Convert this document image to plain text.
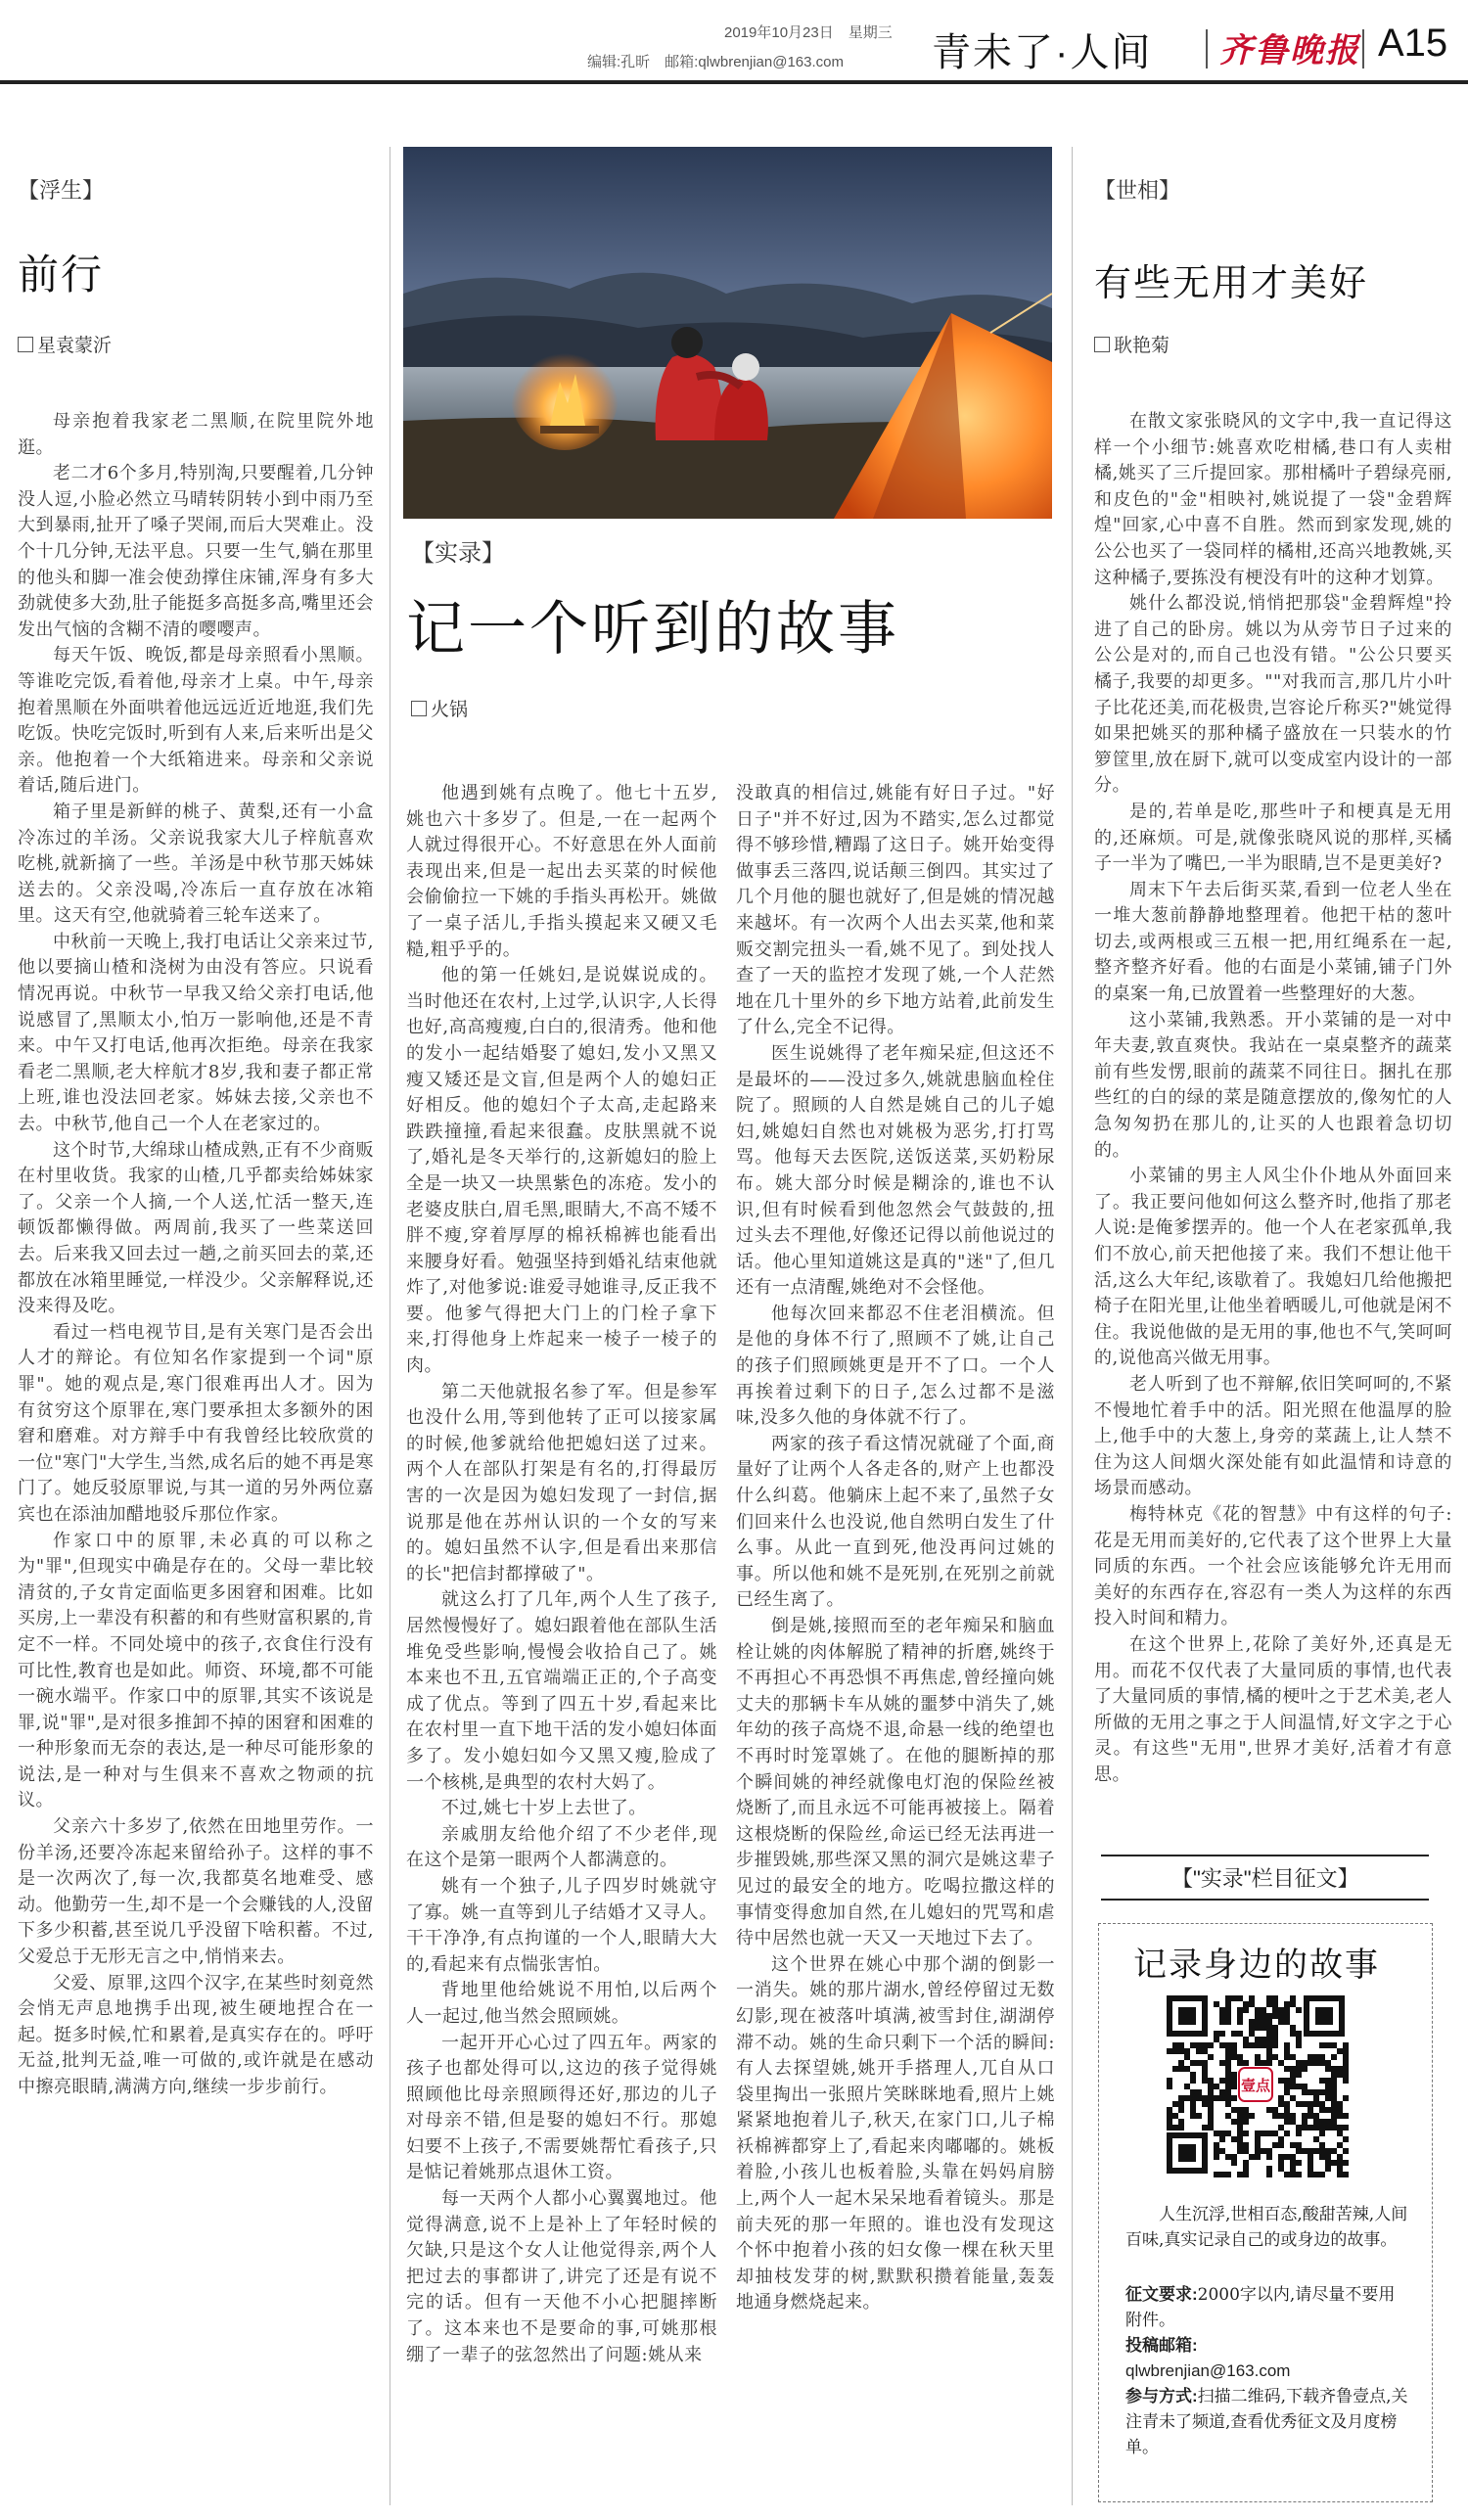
2019年10月23日　星期三
编辑:孔昕　邮箱:qlwbrenjian@163.com 青未了·人间 齐鲁晚报 A15
【浮生】
前行
星袁蒙沂

母亲抱着我家老二黑顺,在院里院外地逛。

老二才6个多月,特别淘,只要醒着,几分钟没人逗,小脸必然立马晴转阴转小到中雨乃至大到暴雨,扯开了嗓子哭闹,而后大哭难止。没个十几分钟,无法平息。只要一生气,躺在那里的他头和脚一准会使劲撑住床铺,浑身有多大劲就使多大劲,肚子能挺多高挺多高,嘴里还会发出气恼的含糊不清的嘤嘤声。

每天午饭、晚饭,都是母亲照看小黑顺。等谁吃完饭,看着他,母亲才上桌。中午,母亲抱着黑顺在外面哄着他远远近近地逛,我们先吃饭。快吃完饭时,听到有人来,后来听出是父亲。他抱着一个大纸箱进来。母亲和父亲说着话,随后进门。

箱子里是新鲜的桃子、黄梨,还有一小盒冷冻过的羊汤。父亲说我家大儿子梓航喜欢吃桃,就新摘了一些。羊汤是中秋节那天姊妹送去的。父亲没喝,冷冻后一直存放在冰箱里。这天有空,他就骑着三轮车送来了。

中秋前一天晚上,我打电话让父亲来过节,他以要摘山楂和浇树为由没有答应。只说看情况再说。中秋节一早我又给父亲打电话,他说感冒了,黑顺太小,怕万一影响他,还是不青来。中午又打电话,他再次拒绝。母亲在我家看老二黑顺,老大梓航才8岁,我和妻子都正常上班,谁也没法回老家。姊妹去接,父亲也不去。中秋节,他自己一个人在老家过的。

这个时节,大绵球山楂成熟,正有不少商贩在村里收货。我家的山楂,几乎都卖给姊妹家了。父亲一个人摘,一个人送,忙活一整天,连顿饭都懒得做。两周前,我买了一些菜送回去。后来我又回去过一趟,之前买回去的菜,还都放在冰箱里睡觉,一样没少。父亲解释说,还没来得及吃。

看过一档电视节目,是有关寒门是否会出人才的辩论。有位知名作家提到一个词"原罪"。她的观点是,寒门很难再出人才。因为有贫穷这个原罪在,寒门要承担太多额外的困窘和磨难。对方辩手中有我曾经比较欣赏的一位"寒门"大学生,当然,成名后的她不再是寒门了。她反驳原罪说,与其一道的另外两位嘉宾也在添油加醋地驳斥那位作家。

作家口中的原罪,未必真的可以称之为"罪",但现实中确是存在的。父母一辈比较清贫的,子女肯定面临更多困窘和困难。比如买房,上一辈没有积蓄的和有些财富积累的,肯定不一样。不同处境中的孩子,衣食住行没有可比性,教育也是如此。师资、环境,都不可能一碗水端平。作家口中的原罪,其实不该说是罪,说"罪",是对很多推卸不掉的困窘和困难的一种形象而无奈的表达,是一种尽可能形象的说法,是一种对与生俱来不喜欢之物顽的抗议。

父亲六十多岁了,依然在田地里劳作。一份羊汤,还要冷冻起来留给孙子。这样的事不是一次两次了,每一次,我都莫名地难受、感动。他勤劳一生,却不是一个会赚钱的人,没留下多少积蓄,甚至说几乎没留下啥积蓄。不过,父爱总于无形无言之中,悄悄来去。

父爱、原罪,这四个汉字,在某些时刻竟然会悄无声息地携手出现,被生硬地捏合在一起。挺多时候,忙和累着,是真实存在的。呼吁无益,批判无益,唯一可做的,或许就是在感动中擦亮眼睛,满满方向,继续一步步前行。

【实录】
记一个听到的故事
火锅

他遇到姚有点晚了。他七十五岁,姚也六十多岁了。但是,一在一起两个人就过得很开心。不好意思在外人面前表现出来,但是一起出去买菜的时候他会偷偷拉一下姚的手指头再松开。姚做了一桌子活儿,手指头摸起来又硬又毛糙,粗乎乎的。

他的第一任姚妇,是说媒说成的。当时他还在农村,上过学,认识字,人长得也好,高高瘦瘦,白白的,很清秀。他和他的发小一起结婚娶了媳妇,发小又黑又瘦又矮还是文盲,但是两个人的媳妇正好相反。他的媳妇个子太高,走起路来跌跌撞撞,看起来很蠢。皮肤黑就不说了,婚礼是冬天举行的,这新媳妇的脸上全是一块又一块黑紫色的冻疮。发小的老婆皮肤白,眉毛黑,眼睛大,不高不矮不胖不瘦,穿着厚厚的棉袄棉裤也能看出来腰身好看。勉强坚持到婚礼结束他就炸了,对他爹说:谁爱寻她谁寻,反正我不要。他爹气得把大门上的门栓子拿下来,打得他身上炸起来一棱子一棱子的肉。

第二天他就报名参了军。但是参军也没什么用,等到他转了正可以接家属的时候,他爹就给他把媳妇送了过来。两个人在部队打架是有名的,打得最厉害的一次是因为媳妇发现了一封信,据说那是他在苏州认识的一个女的写来的。媳妇虽然不认字,但是看出来那信的长"把信封都撑破了"。

就这么打了几年,两个人生了孩子,居然慢慢好了。媳妇跟着他在部队生活堆免受些影响,慢慢会收拾自己了。姚本来也不丑,五官端端正正的,个子高变成了优点。等到了四五十岁,看起来比在农村里一直下地干活的发小媳妇体面多了。发小媳妇如今又黑又瘦,脸成了一个核桃,是典型的农村大妈了。

不过,姚七十岁上去世了。

亲戚朋友给他介绍了不少老伴,现在这个是第一眼两个人都满意的。

姚有一个独子,儿子四岁时姚就守了寡。姚一直等到儿子结婚才又寻人。干干净净,有点拘谨的一个人,眼睛大大的,看起来有点惴张害怕。

背地里他给姚说不用怕,以后两个人一起过,他当然会照顾姚。

一起开开心心过了四五年。两家的孩子也都处得可以,这边的孩子觉得姚照顾他比母亲照顾得还好,那边的儿子对母亲不错,但是娶的媳妇不行。那媳妇要不上孩子,不需要姚帮忙看孩子,只是惦记着姚那点退休工资。

每一天两个人都小心翼翼地过。他觉得满意,说不上是补上了年轻时候的欠缺,只是这个女人让他觉得亲,两个人把过去的事都讲了,讲完了还是有说不完的话。但有一天他不小心把腿摔断了。这本来也不是要命的事,可姚那根绷了一辈子的弦忽然出了问题:姚从来

没敢真的相信过,姚能有好日子过。"好日子"并不好过,因为不踏实,怎么过都觉得不够珍惜,糟蹋了这日子。姚开始变得做事丢三落四,说话颠三倒四。其实过了几个月他的腿也就好了,但是姚的情况越来越坏。有一次两个人出去买菜,他和菜贩交割完扭头一看,姚不见了。到处找人查了一天的监控才发现了姚,一个人茫然地在几十里外的乡下地方站着,此前发生了什么,完全不记得。

医生说姚得了老年痴呆症,但这还不是最坏的——没过多久,姚就患脑血栓住院了。照顾的人自然是姚自己的儿子媳妇,姚媳妇自然也对姚极为恶劣,打打骂骂。他每天去医院,送饭送菜,买奶粉尿布。姚大部分时候是糊涂的,谁也不认识,但有时候看到他忽然会气鼓鼓的,扭过头去不理他,好像还记得以前他说过的话。他心里知道姚这是真的"迷"了,但几还有一点清醒,姚绝对不会怪他。

他每次回来都忍不住老泪横流。但是他的身体不行了,照顾不了姚,让自己的孩子们照顾姚更是开不了口。一个人再挨着过剩下的日子,怎么过都不是滋味,没多久他的身体就不行了。

两家的孩子看这情况就碰了个面,商量好了让两个人各走各的,财产上也都没什么纠葛。他躺床上起不来了,虽然子女们回来什么也没说,他自然明白发生了什么事。从此一直到死,他没再问过姚的事。所以他和姚不是死别,在死别之前就已经生离了。

倒是姚,接照而至的老年痴呆和脑血栓让姚的肉体解脱了精神的折磨,姚终于不再担心不再恐惧不再焦虑,曾经撞向姚丈夫的那辆卡车从姚的噩梦中消失了,姚年幼的孩子高烧不退,命悬一线的绝望也不再时时笼罩姚了。在他的腿断掉的那个瞬间姚的神经就像电灯泡的保险丝被烧断了,而且永远不可能再被接上。隔着这根烧断的保险丝,命运已经无法再进一步摧毁姚,那些深又黑的洞穴是姚这辈子见过的最安全的地方。吃喝拉撒这样的事情变得愈加自然,在儿媳妇的咒骂和虐待中居然也就一天又一天地过下去了。

这个世界在姚心中那个湖的倒影一一消失。姚的那片湖水,曾经停留过无数幻影,现在被落叶填满,被雪封住,湖湖停滞不动。姚的生命只剩下一个活的瞬间:有人去探望姚,姚开手搭理人,兀自从口袋里掏出一张照片笑眯眯地看,照片上姚紧紧地抱着儿子,秋天,在家门口,儿子棉袄棉裤都穿上了,看起来肉嘟嘟的。姚板着脸,小孩儿也板着脸,头靠在妈妈肩膀上,两个人一起木呆呆地看着镜头。那是前夫死的那一年照的。谁也没有发现这个怀中抱着小孩的妇女像一棵在秋天里却抽枝发芽的树,默默积攒着能量,轰轰地通身燃烧起来。

【世相】
有些无用才美好
耿艳菊

在散文家张晓风的文字中,我一直记得这样一个小细节:姚喜欢吃柑橘,巷口有人卖柑橘,姚买了三斤提回家。那柑橘叶子碧绿亮丽,和皮色的"金"相映衬,姚说提了一袋"金碧辉煌"回家,心中喜不自胜。然而到家发现,姚的公公也买了一袋同样的橘柑,还高兴地教姚,买这种橘子,要拣没有梗没有叶的这种才划算。

姚什么都没说,悄悄把那袋"金碧辉煌"拎进了自己的卧房。姚以为从旁节日子过来的公公是对的,而自己也没有错。"公公只要买橘子,我要的却更多。""对我而言,那几片小叶子比花还美,而花极贵,岂容论斤称买?"姚觉得如果把姚买的那种橘子盛放在一只装水的竹箩筐里,放在厨下,就可以变成室内设计的一部分。

是的,若单是吃,那些叶子和梗真是无用的,还麻烦。可是,就像张晓风说的那样,买橘子一半为了嘴巴,一半为眼睛,岂不是更美好?

周末下午去后街买菜,看到一位老人坐在一堆大葱前静静地整理着。他把干枯的葱叶切去,或两根或三五根一把,用红绳系在一起,整齐整齐好看。他的右面是小菜铺,铺子门外的桌案一角,已放置着一些整理好的大葱。

这小菜铺,我熟悉。开小菜铺的是一对中年夫妻,敦直爽快。我站在一桌桌整齐的蔬菜前有些发愣,眼前的蔬菜不同往日。捆扎在那些红的白的绿的菜是随意摆放的,像匆忙的人急匆匆扔在那儿的,让买的人也跟着急切切的。

小菜铺的男主人风尘仆仆地从外面回来了。我正要问他如何这么整齐时,他指了那老人说:是俺爹摆弄的。他一个人在老家孤单,我们不放心,前天把他接了来。我们不想让他干活,这么大年纪,该歇着了。我媳妇几给他搬把椅子在阳光里,让他坐着晒暖儿,可他就是闲不住。我说他做的是无用的事,他也不气,笑呵呵的,说他高兴做无用事。

老人听到了也不辩解,依旧笑呵呵的,不紧不慢地忙着手中的活。阳光照在他温厚的脸上,他手中的大葱上,身旁的菜蔬上,让人禁不住为这人间烟火深处能有如此温情和诗意的场景而感动。

梅特林克《花的智慧》中有这样的句子:花是无用而美好的,它代表了这个世界上大量同质的东西。一个社会应该能够允许无用而美好的东西存在,容忍有一类人为这样的东西投入时间和精力。

在这个世界上,花除了美好外,还真是无用。而花不仅代表了大量同质的事情,也代表了大量同质的事情,橘的梗叶之于艺术美,老人所做的无用之事之于人间温情,好文字之于心灵。有这些"无用",世界才美好,活着才有意思。

【"实录"栏目征文】
记录身边的故事
壹点
人生沉浮,世相百态,酸甜苦辣,人间百味,真实记录自己的或身边的故事。
征文要求:2000字以内,请尽量不要用附件。
投稿邮箱:
qlwbrenjian@163.com
参与方式:扫描二维码,下载齐鲁壹点,关注青未了频道,查看优秀征文及月度榜单。
